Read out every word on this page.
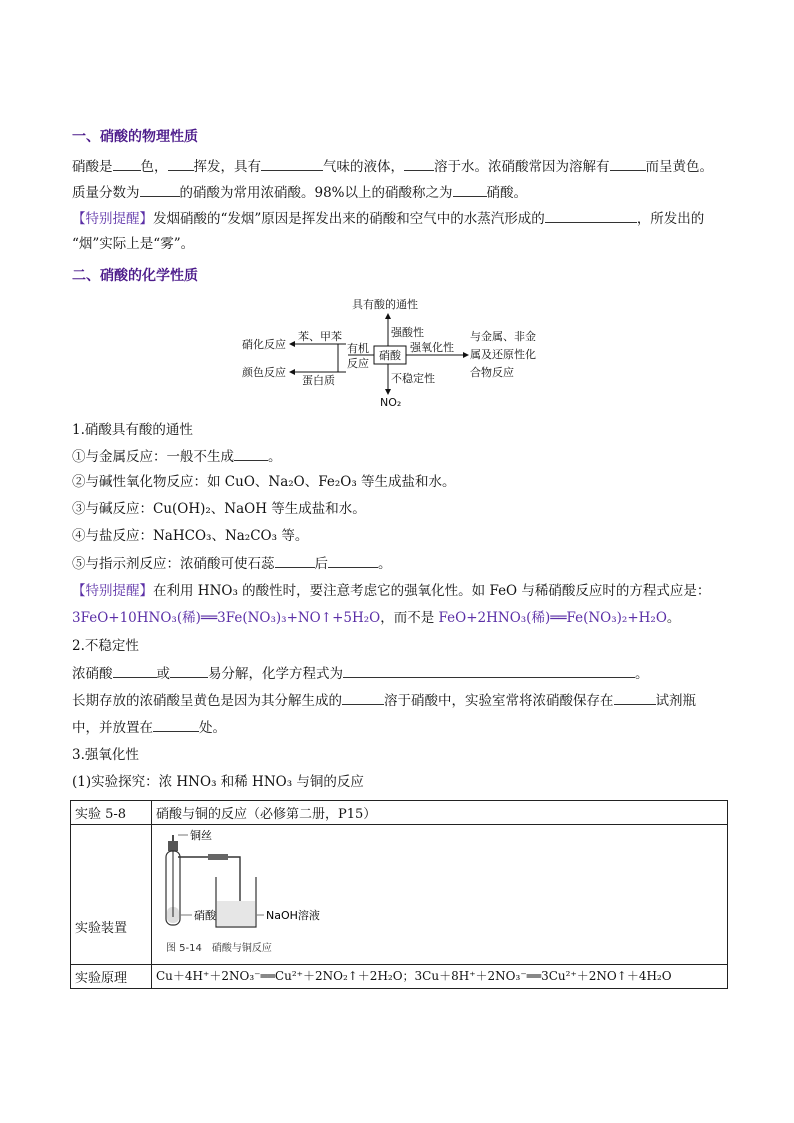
一、硝酸的物理性质
硝酸是 色， 挥发，具有	气味的液体， 溶于水。浓硝酸常因为溶解有	而呈黄色。
质量分数为	的硝酸为常用浓硝酸。98%以上的硝酸称之为	硝酸。
【特别提醒】发烟硝酸的“发烟”原因是挥发出来的硝酸和空气中的水蒸汽形成的	，所发出的
“烟”实际上是“雾”。
二、硝酸的化学性质
具有酸的通性
强酸性
硝酸
强氧化性
与金属、非金
属及还原性化
合物反应
不稳定性
NO₂
有机
反应
苯、甲苯
蛋白质
硝化反应
颜色反应
1.硝酸具有酸的通性
①与金属反应：一般不生成	。
②与碱性氧化物反应：如 CuO、Na₂O、Fe₂O₃ 等生成盐和水。
③与碱反应：Cu(OH)₂、NaOH 等生成盐和水。
④与盐反应：NaHCO₃、Na₂CO₃ 等。
⑤与指示剂反应：浓硝酸可使石蕊	后	。
【特别提醒】在利用 HNO₃ 的酸性时，要注意考虑它的强氧化性。如 FeO 与稀硝酸反应时的方程式应是：
3FeO+10HNO₃(稀)══3Fe(NO₃)₃+NO↑+5H₂O，而不是 FeO+2HNO₃(稀)══Fe(NO₃)₂+H₂O。
2.不稳定性
浓硝酸	或	易分解，化学方程式为	。
长期存放的浓硝酸呈黄色是因为其分解生成的	溶于硝酸中，实验室常将浓硝酸保存在	试剂瓶
中，并放置在	处。
3.强氧化性
(1)实验探究：浓 HNO₃ 和稀 HNO₃ 与铜的反应
实验 5-8	硝酸与铜的反应（必修第二册，P15）
实验装置	铜丝
硝酸 NaOH溶液
图 5-14　硝酸与铜反应

实验原理	Cu＋4H⁺＋2NO₃⁻══Cu²⁺＋2NO₂↑＋2H₂O；3Cu＋8H⁺＋2NO₃⁻══3Cu²⁺＋2NO↑＋4H₂O
